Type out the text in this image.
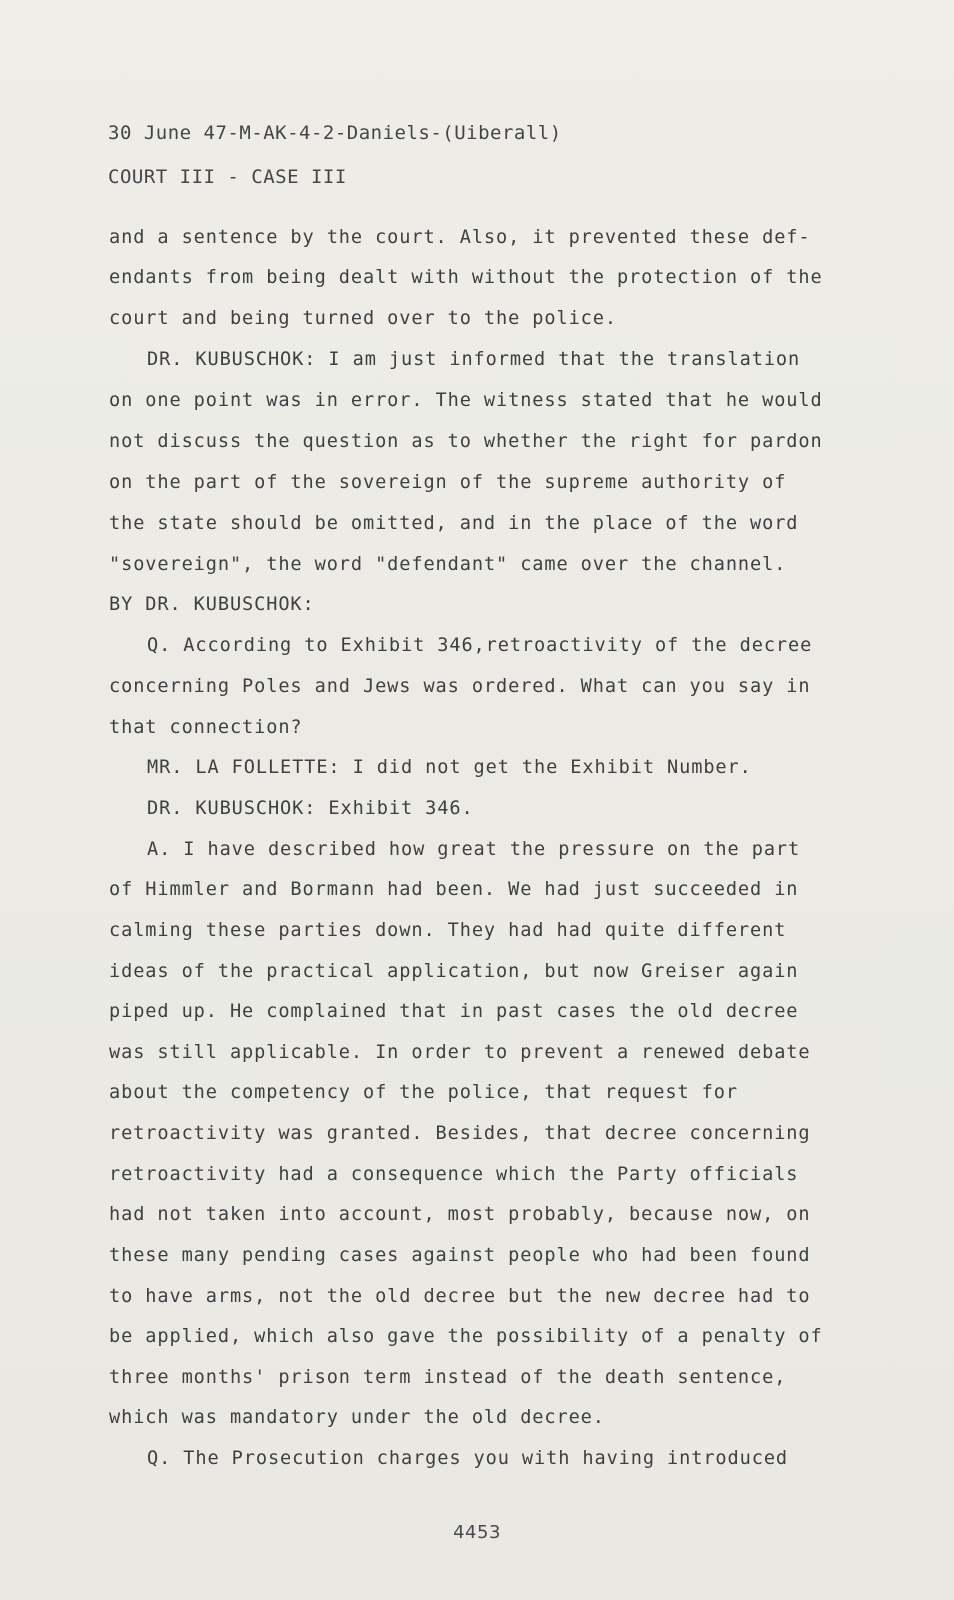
30 June 47-M-AK-4-2-Daniels-(Uiberall)
COURT III - CASE III
and a sentence by the court. Also, it prevented these def-
endants from being dealt with without the protection of the
court and being turned over to the police.
DR. KUBUSCHOK: I am just informed that the translation
on one point was in error. The witness stated that he would
not discuss the question as to whether the right for pardon
on the part of the sovereign of the supreme authority of
the state should be omitted, and in the place of the word
"sovereign", the word "defendant" came over the channel.
BY DR. KUBUSCHOK:
Q. According to Exhibit 346,retroactivity of the decree
concerning Poles and Jews was ordered. What can you say in
that connection?
MR. LA FOLLETTE: I did not get the Exhibit Number.
DR. KUBUSCHOK: Exhibit 346.
A. I have described how great the pressure on the part
of Himmler and Bormann had been. We had just succeeded in
calming these parties down. They had had quite different
ideas of the practical application, but now Greiser again
piped up. He complained that in past cases the old decree
was still applicable. In order to prevent a renewed debate
about the competency of the police, that request for
retroactivity was granted. Besides, that decree concerning
retroactivity had a consequence which the Party officials
had not taken into account, most probably, because now, on
these many pending cases against people who had been found
to have arms, not the old decree but the new decree had to
be applied, which also gave the possibility of a penalty of
three months' prison term instead of the death sentence,
which was mandatory under the old decree.
Q. The Prosecution charges you with having introduced
4453
